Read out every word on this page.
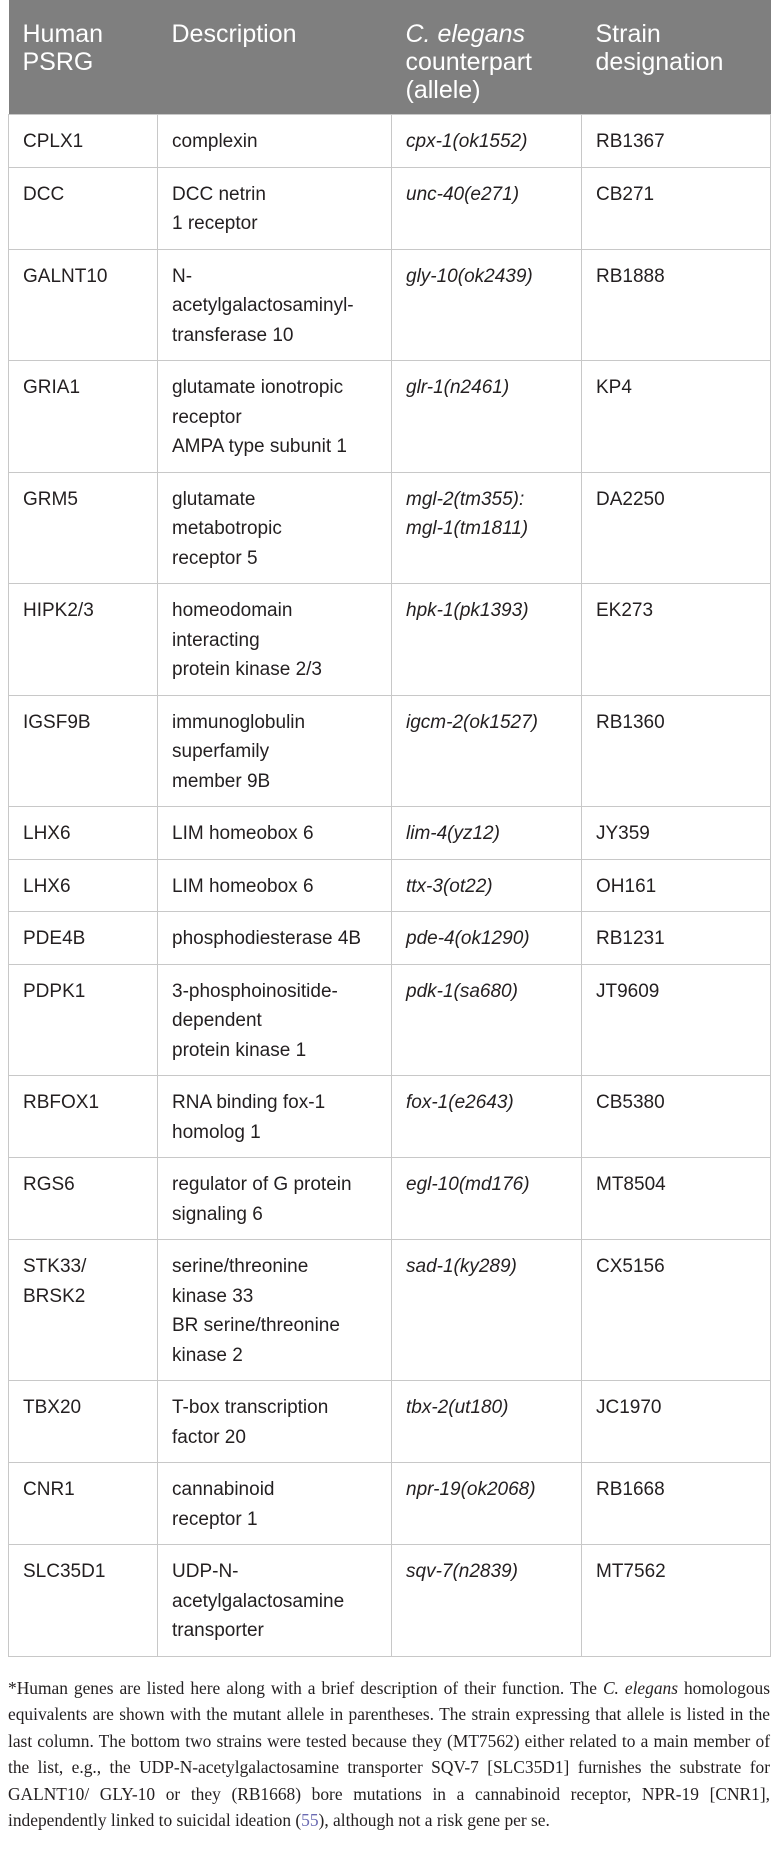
Human
PSRG	Description	C. elegans
counterpart
(allele)	Strain
designation

CPLX1	complexin	cpx-1(ok1552)	RB1367

DCC	DCC netrin
1 receptor	unc-40(e271)	CB271

GALNT10	N-
acetylgalactosaminyl-
transferase 10	gly-10(ok2439)	RB1888

GRIA1	glutamate ionotropic
receptor
AMPA type subunit 1	glr-1(n2461)	KP4

GRM5	glutamate
metabotropic
receptor 5	mgl-2(tm355):
mgl-1(tm1811)	DA2250

HIPK2/3	homeodomain
interacting
protein kinase 2/3	hpk-1(pk1393)	EK273

IGSF9B	immunoglobulin
superfamily
member 9B	igcm-2(ok1527)	RB1360

LHX6	LIM homeobox 6	lim-4(yz12)	JY359

LHX6	LIM homeobox 6	ttx-3(ot22)	OH161

PDE4B	phosphodiesterase 4B	pde-4(ok1290)	RB1231

PDPK1	3-phosphoinositide-
dependent
protein kinase 1	pdk-1(sa680)	JT9609

RBFOX1	RNA binding fox-1
homolog 1	fox-1(e2643)	CB5380

RGS6	regulator of G protein
signaling 6	egl-10(md176)	MT8504

STK33/
BRSK2	serine/threonine
kinase 33
BR serine/threonine
kinase 2	sad-1(ky289)	CX5156

TBX20	T-box transcription
factor 20	tbx-2(ut180)	JC1970

CNR1	cannabinoid
receptor 1	npr-19(ok2068)	RB1668

SLC35D1	UDP-N-
acetylgalactosamine
transporter	sqv-7(n2839)	MT7562
*Human genes are listed here along with a brief description of their function. The C. elegans homologous equivalents are shown with the mutant allele in parentheses. The strain expressing that allele is listed in the last column. The bottom two strains were tested because they (MT7562) either related to a main member of the list, e.g., the UDP-N-acetylgalactosamine transporter SQV-7 [SLC35D1] furnishes the substrate for GALNT10/ GLY-10 or they (RB1668) bore mutations in a cannabinoid receptor, NPR-19 [CNR1], independently linked to suicidal ideation (55), although not a risk gene per se.
